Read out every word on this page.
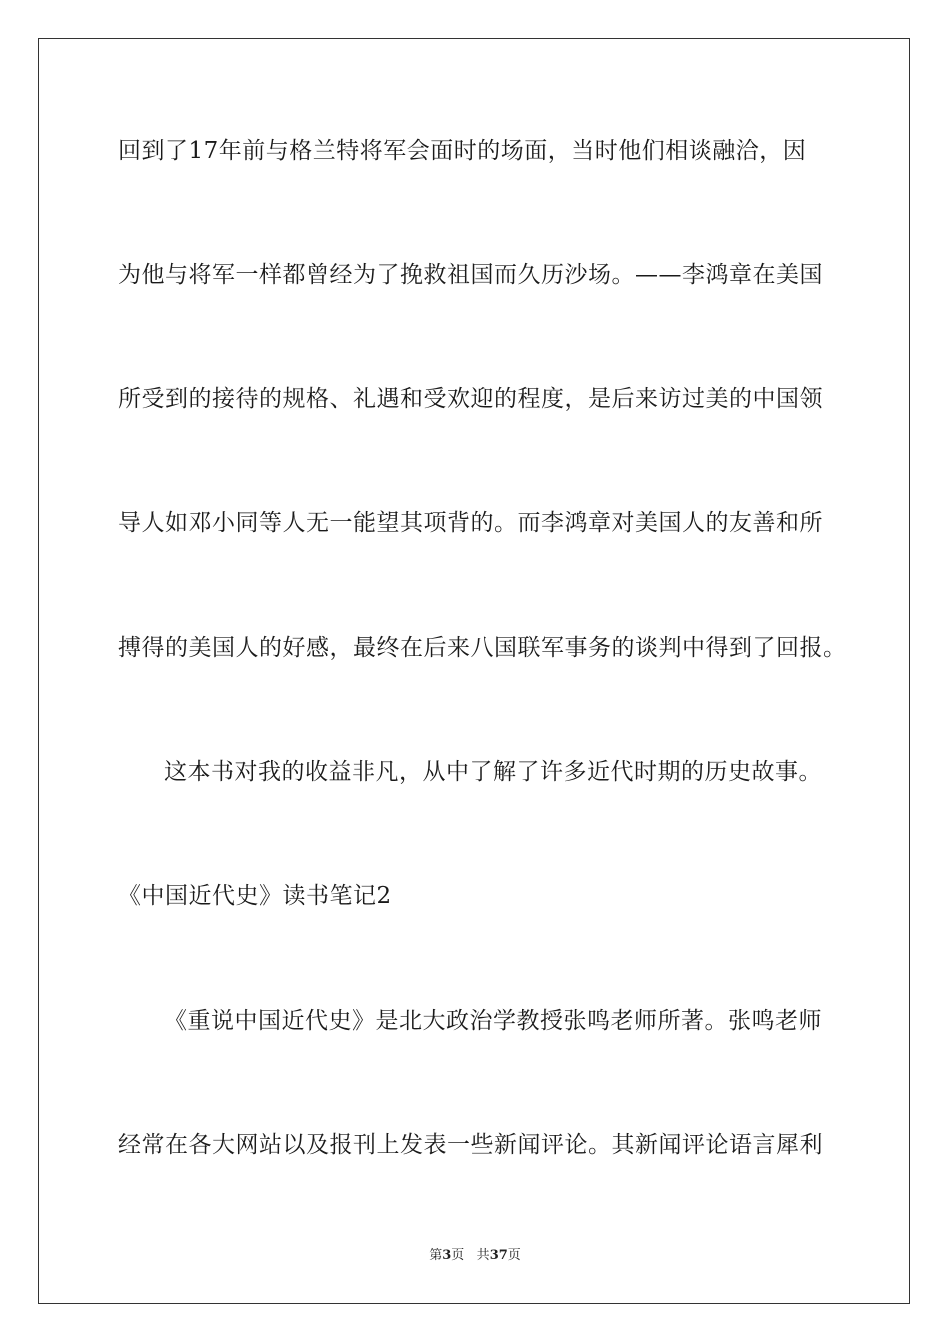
回到了17年前与格兰特将军会面时的场面，当时他们相谈融洽，因
为他与将军一样都曾经为了挽救祖国而久历沙场。——李鸿章在美国
所受到的接待的规格、礼遇和受欢迎的程度，是后来访过美的中国领
导人如邓小同等人无一能望其项背的。而李鸿章对美国人的友善和所
搏得的美国人的好感，最终在后来八国联军事务的谈判中得到了回报。
这本书对我的收益非凡，从中了解了许多近代时期的历史故事。
《中国近代史》读书笔记2
《重说中国近代史》是北大政治学教授张鸣老师所著。张鸣老师
经常在各大网站以及报刊上发表一些新闻评论。其新闻评论语言犀利
第3页 共37页
